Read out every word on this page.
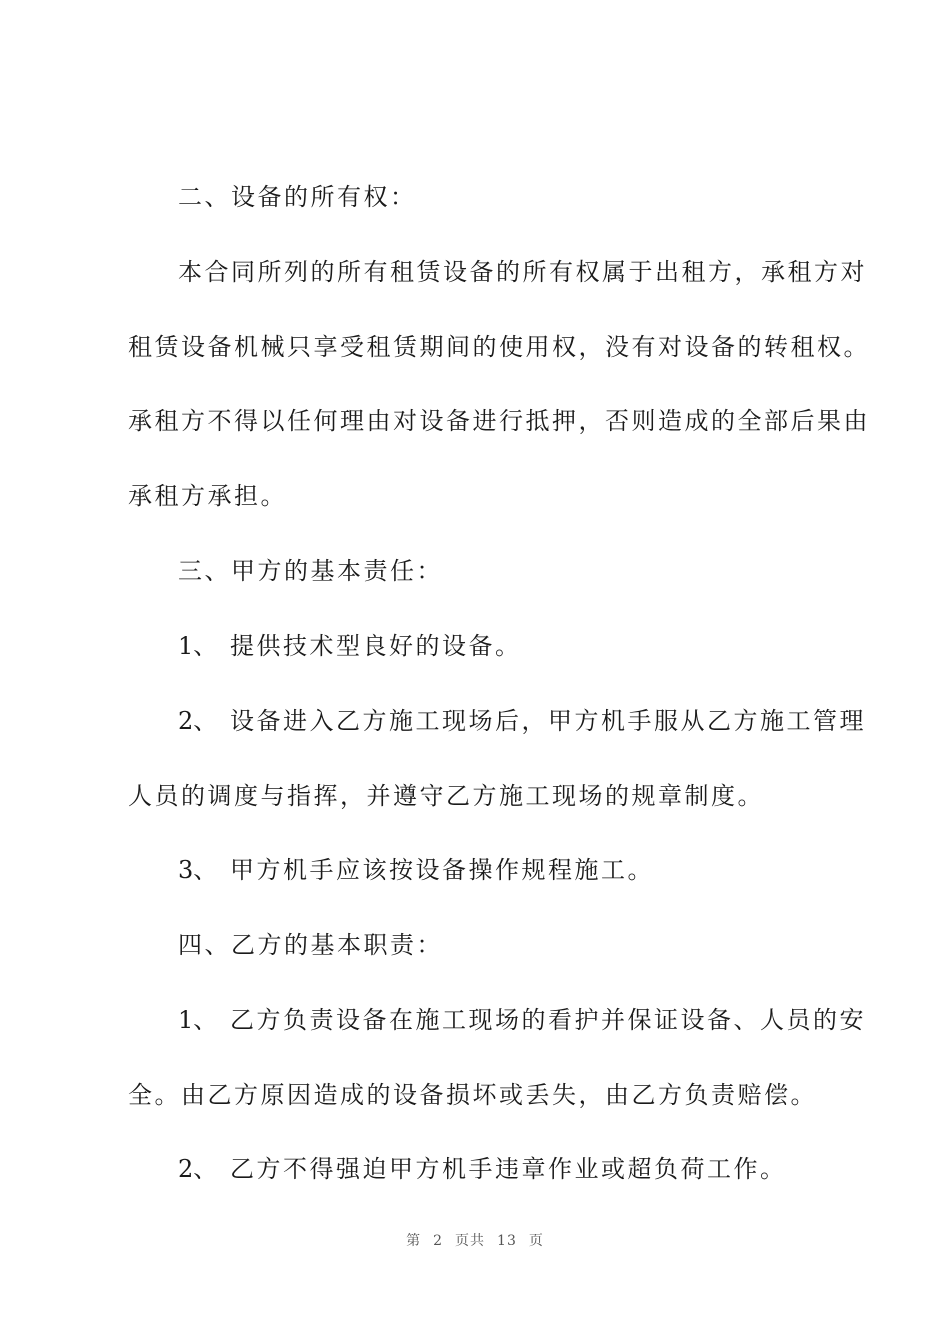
二、设备的所有权：
本合同所列的所有租赁设备的所有权属于出租方，承租方对
租赁设备机械只享受租赁期间的使用权，没有对设备的转租权。
承租方不得以任何理由对设备进行抵押，否则造成的全部后果由
承租方承担。
三、甲方的基本责任：
1、 提供技术型良好的设备。
2、 设备进入乙方施工现场后，甲方机手服从乙方施工管理
人员的调度与指挥，并遵守乙方施工现场的规章制度。
3、 甲方机手应该按设备操作规程施工。
四、乙方的基本职责：
1、 乙方负责设备在施工现场的看护并保证设备、人员的安
全。由乙方原因造成的设备损坏或丢失，由乙方负责赔偿。
2、 乙方不得强迫甲方机手违章作业或超负荷工作。
第 2 页共 13 页
